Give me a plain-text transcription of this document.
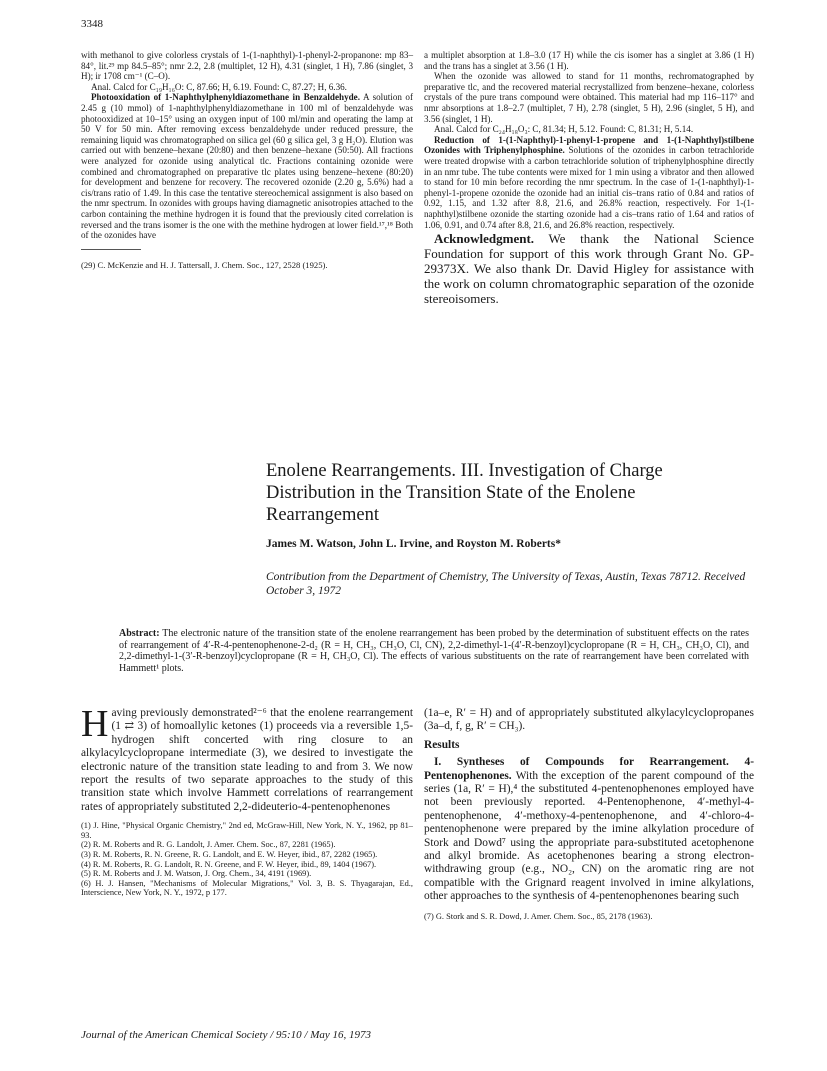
3348

with methanol to give colorless crystals of 1-(1-naphthyl)-1-phenyl-2-propanone: mp 83–84°, lit.²⁹ mp 84.5–85°; nmr 2.2, 2.8 (multiplet, 12 H), 4.31 (singlet, 1 H), 7.86 (singlet, 3 H); ir 1708 cm⁻¹ (C–O).

Anal. Calcd for C₁₉H₁₆O: C, 87.66; H, 6.19. Found: C, 87.27; H, 6.36.

Photooxidation of 1-Naphthylphenyldiazomethane in Benzaldehyde. A solution of 2.45 g (10 mmol) of 1-naphthylphenyldiazomethane in 100 ml of benzaldehyde was photooxidized at 10–15° using an oxygen input of 100 ml/min and operating the lamp at 50 V for 50 min. After removing excess benzaldehyde under reduced pressure, the remaining liquid was chromatographed on silica gel (60 g silica gel, 3 g H₂O). Elution was carried out with benzene–hexane (20:80) and then benzene–hexane (50:50). All fractions were analyzed for ozonide using analytical tlc. Fractions containing ozonide were combined and chromatographed on preparative tlc plates using benzene–hexene (80:20) for development and benzene for recovery. The recovered ozonide (2.20 g, 5.6%) had a cis/trans ratio of 1.49. In this case the tentative stereochemical assignment is also based on the nmr spectrum. In ozonides with groups having diamagnetic anisotropies attached to the carbon containing the methine hydrogen it is found that the previously cited correlation is reversed and the trans isomer is the one with the methine hydrogen at lower field.¹⁷,¹⁸ Both of the ozonides have

(29) C. McKenzie and H. J. Tattersall, J. Chem. Soc., 127, 2528 (1925).

a multiplet absorption at 1.8–3.0 (17 H) while the cis isomer has a singlet at 3.86 (1 H) and the trans has a singlet at 3.56 (1 H).

When the ozonide was allowed to stand for 11 months, rechromatographed by preparative tlc, and the recovered material recrystallized from benzene–hexane, colorless crystals of the pure trans compound were obtained. This material had mp 116–117° and nmr absorptions at 1.8–2.7 (multiplet, 7 H), 2.78 (singlet, 5 H), 2.96 (singlet, 5 H), and 3.56 (singlet, 1 H).

Anal. Calcd for C₂₄H₁₈O₃: C, 81.34; H, 5.12. Found: C, 81.31; H, 5.14.

Reduction of 1-(1-Naphthyl)-1-phenyl-1-propene and 1-(1-Naphthyl)stilbene Ozonides with Triphenylphosphine. Solutions of the ozonides in carbon tetrachloride were treated dropwise with a carbon tetrachloride solution of triphenylphosphine directly in an nmr tube. The tube contents were mixed for 1 min using a vibrator and then allowed to stand for 10 min before recording the nmr spectrum. In the case of 1-(1-naphthyl)-1-phenyl-1-propene ozonide the ozonide had an initial cis–trans ratio of 0.84 and ratios of 0.92, 1.15, and 1.32 after 8.8, 21.6, and 26.8% reaction, respectively. For 1-(1-naphthyl)stilbene ozonide the starting ozonide had a cis–trans ratio of 1.64 and ratios of 1.06, 0.91, and 0.74 after 8.8, 21.6, and 26.8% reaction, respectively.

Acknowledgment. We thank the National Science Foundation for support of this work through Grant No. GP-29373X. We also thank Dr. David Higley for assistance with the work on column chromatographic separation of the ozonide stereoisomers.

Enolene Rearrangements. III. Investigation of Charge Distribution in the Transition State of the Enolene Rearrangement
James M. Watson, John L. Irvine, and Royston M. Roberts*
Contribution from the Department of Chemistry, The University of Texas, Austin, Texas 78712. Received October 3, 1972
Abstract: The electronic nature of the transition state of the enolene rearrangement has been probed by the determination of substituent effects on the rates of rearrangement of 4′-R-4-pentenophenone-2-d₂ (R = H, CH₃, CH₃O, Cl, CN), 2,2-dimethyl-1-(4′-R-benzoyl)cyclopropane (R = H, CH₃, CH₃O, Cl), and 2,2-dimethyl-1-(3′-R-benzoyl)cyclopropane (R = H, CH₃O, Cl). The effects of various substituents on the rate of rearrangement have been correlated with Hammett¹ plots.

Having previously demonstrated²⁻⁶ that the enolene rearrangement (1 ⇄ 3) of homoallylic ketones (1) proceeds via a reversible 1,5-hydrogen shift concerted with ring closure to an alkylacylcyclopropane intermediate (3), we desired to investigate the electronic nature of the transition state leading to and from 3. We now report the results of two separate approaches to the study of this transition state which involve Hammett correlations of rearrangement rates of appropriately substituted 2,2-dideuterio-4-pentenophenones

(1) J. Hine, "Physical Organic Chemistry," 2nd ed, McGraw-Hill, New York, N. Y., 1962, pp 81–93.

(2) R. M. Roberts and R. G. Landolt, J. Amer. Chem. Soc., 87, 2281 (1965).

(3) R. M. Roberts, R. N. Greene, R. G. Landolt, and E. W. Heyer, ibid., 87, 2282 (1965).

(4) R. M. Roberts, R. G. Landolt, R. N. Greene, and F. W. Heyer, ibid., 89, 1404 (1967).

(5) R. M. Roberts and J. M. Watson, J. Org. Chem., 34, 4191 (1969).

(6) H. J. Hansen, "Mechanisms of Molecular Migrations," Vol. 3, B. S. Thyagarajan, Ed., Interscience, New York, N. Y., 1972, p 177.

(1a–e, R′ = H) and of appropriately substituted alkylacylcyclopropanes (3a–d, f, g, R′ = CH₃).

Results

I. Syntheses of Compounds for Rearrangement. 4-Pentenophenones. With the exception of the parent compound of the series (1a, R′ = H),⁴ the substituted 4-pentenophenones employed have not been previously reported. 4-Pentenophenone, 4′-methyl-4-pentenophenone, 4′-methoxy-4-pentenophenone, and 4′-chloro-4-pentenophenone were prepared by the imine alkylation procedure of Stork and Dowd⁷ using the appropriate para-substituted acetophenone and alkyl bromide. As acetophenones bearing a strong electron-withdrawing group (e.g., NO₂, CN) on the aromatic ring are not compatible with the Grignard reagent involved in imine alkylations, other approaches to the synthesis of 4-pentenophenones bearing such

(7) G. Stork and S. R. Dowd, J. Amer. Chem. Soc., 85, 2178 (1963).

Journal of the American Chemical Society / 95:10 / May 16, 1973
